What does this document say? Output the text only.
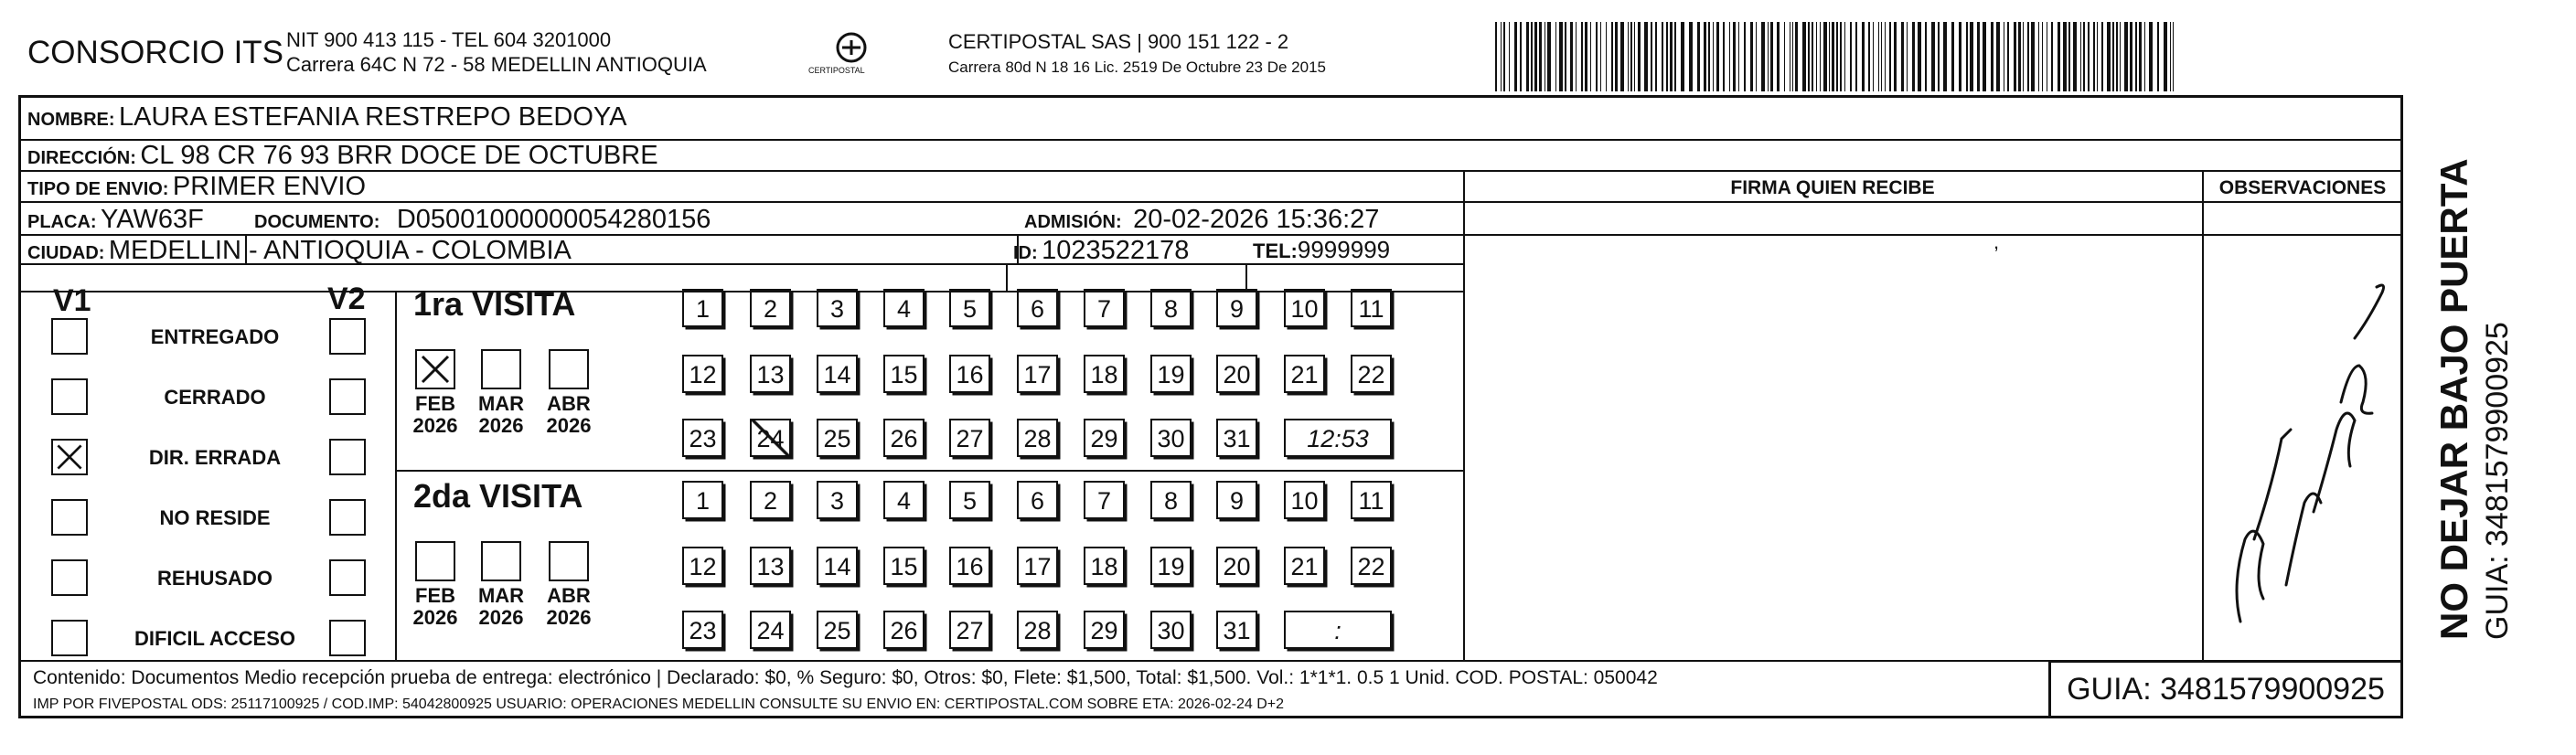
CONSORCIO ITS NIT 900 413 115 - TEL 604 3201000
Carrera 64C N 72 - 58 MEDELLIN ANTIOQUIA	CERTIPOSTAL
CERTIPOSTAL SAS | 900 151 122 - 2
Carrera 80d N 18 16 Lic. 2519 De Octubre 23 De 2015
NOMBRE: LAURA ESTEFANIA RESTREPO BEDOYA
DIRECCIÓN: CL 98 CR 76 93 BRR DOCE DE OCTUBRE
TIPO DE ENVIO: PRIMER ENVIO
PLACA: YAW63F	DOCUMENTO: D05001000000054280156	ADMISIÓN: 20-02-2026 15:36:27
CIUDAD: MEDELLIN - ANTIOQUIA - COLOMBIA	ID: 1023522178	TEL:9999999
FIRMA QUIEN RECIBE	OBSERVACIONES
,
V1	V2
ENTREGADO
CERRADO
DIR. ERRADA
NO RESIDE
REHUSADO
DIFICIL ACCESO
1ra VISITA
2da VISITA
FEB
2026
MAR
2026
ABR
2026
1	2	3	4	5	6	7	8	9	10	11
12 13 14 15 16 17 18 19 20 21 22
23 24 25 26 27 28 29 30 31	12:53
FEB
2026
MAR
2026
ABR
2026
1	2	3	4	5	6	7	8	9	10	11
12 13 14 15 16 17 18 19 20 21 22
23 24 25 26 27 28 29 30 31	:
Contenido: Documentos Medio recepción prueba de entrega: electrónico | Declarado: $0, % Seguro: $0, Otros: $0, Flete: $1,500, Total: $1,500. Vol.: 1*1*1. 0.5 1 Unid. COD. POSTAL: 050042
IMP POR FIVEPOSTAL ODS: 25117100925 / COD.IMP: 54042800925 USUARIO: OPERACIONES MEDELLIN CONSULTE SU ENVIO EN: CERTIPOSTAL.COM SOBRE ETA: 2026-02-24 D+2	GUIA: 3481579900925
NO DEJAR BAJO PUERTA GUIA: 3481579900925
